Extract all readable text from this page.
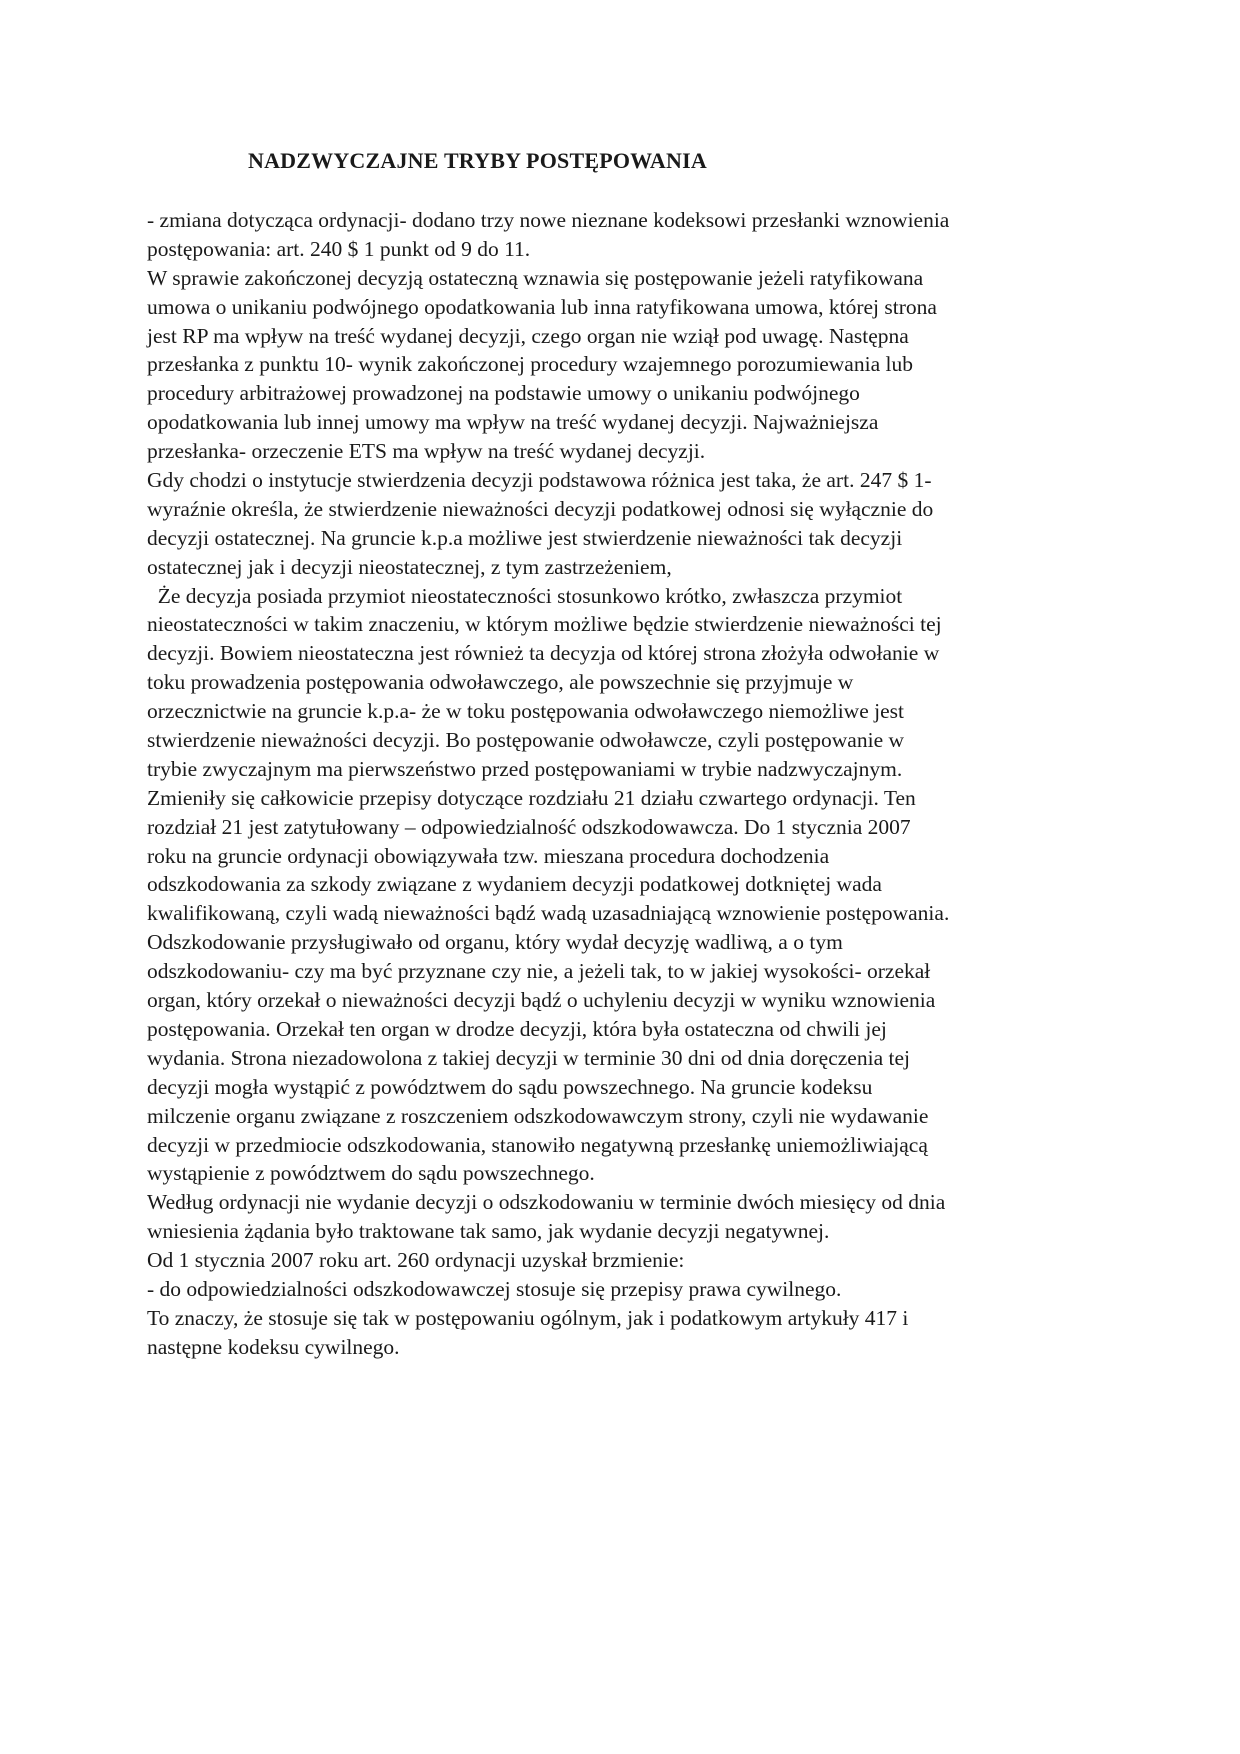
NADZWYCZAJNE TRYBY POSTĘPOWANIA
- zmiana dotycząca ordynacji- dodano trzy nowe nieznane kodeksowi przesłanki wznowienia
postępowania: art. 240 $ 1 punkt od 9 do 11.
W sprawie zakończonej decyzją ostateczną wznawia się postępowanie jeżeli ratyfikowana
umowa o unikaniu podwójnego opodatkowania lub inna ratyfikowana umowa, której strona
jest RP ma wpływ na treść wydanej decyzji, czego organ nie wziął pod uwagę. Następna
przesłanka z punktu 10- wynik zakończonej procedury wzajemnego porozumiewania lub
procedury arbitrażowej prowadzonej na podstawie umowy o unikaniu podwójnego
opodatkowania lub innej umowy ma wpływ na treść wydanej decyzji. Najważniejsza
przesłanka- orzeczenie ETS ma wpływ na treść wydanej decyzji.
Gdy chodzi o instytucje stwierdzenia decyzji podstawowa różnica jest taka, że art. 247 $ 1-
wyraźnie określa, że stwierdzenie nieważności decyzji podatkowej odnosi się wyłącznie do
decyzji ostatecznej. Na gruncie k.p.a możliwe jest stwierdzenie nieważności tak decyzji
ostatecznej jak i decyzji nieostatecznej, z tym zastrzeżeniem,
Że decyzja posiada przymiot nieostateczności stosunkowo krótko, zwłaszcza przymiot
nieostateczności w takim znaczeniu, w którym możliwe będzie stwierdzenie nieważności tej
decyzji. Bowiem nieostateczna jest również ta decyzja od której strona złożyła odwołanie w
toku prowadzenia postępowania odwoławczego, ale powszechnie się przyjmuje w
orzecznictwie na gruncie k.p.a- że w toku postępowania odwoławczego niemożliwe jest
stwierdzenie nieważności decyzji. Bo postępowanie odwoławcze, czyli postępowanie w
trybie zwyczajnym ma pierwszeństwo przed postępowaniami w trybie nadzwyczajnym.
Zmieniły się całkowicie przepisy dotyczące rozdziału 21 działu czwartego ordynacji. Ten
rozdział 21 jest zatytułowany – odpowiedzialność odszkodowawcza. Do 1 stycznia 2007
roku na gruncie ordynacji obowiązywała tzw. mieszana procedura dochodzenia
odszkodowania za szkody związane z wydaniem decyzji podatkowej dotkniętej wada
kwalifikowaną, czyli wadą nieważności bądź wadą uzasadniającą wznowienie postępowania.
Odszkodowanie przysługiwało od organu, który wydał decyzję wadliwą, a o tym
odszkodowaniu- czy ma być przyznane czy nie, a jeżeli tak, to w jakiej wysokości- orzekał
organ, który orzekał o nieważności decyzji bądź o uchyleniu decyzji w wyniku wznowienia
postępowania. Orzekał ten organ w drodze decyzji, która była ostateczna od chwili jej
wydania. Strona niezadowolona z takiej decyzji w terminie 30 dni od dnia doręczenia tej
decyzji mogła wystąpić z powództwem do sądu powszechnego. Na gruncie kodeksu
milczenie organu związane z roszczeniem odszkodowawczym strony, czyli nie wydawanie
decyzji w przedmiocie odszkodowania, stanowiło negatywną przesłankę uniemożliwiającą
wystąpienie z powództwem do sądu powszechnego.
Według ordynacji nie wydanie decyzji o odszkodowaniu w terminie dwóch miesięcy od dnia
wniesienia żądania było traktowane tak samo, jak wydanie decyzji negatywnej.
Od 1 stycznia 2007 roku art. 260 ordynacji uzyskał brzmienie:
- do odpowiedzialności odszkodowawczej stosuje się przepisy prawa cywilnego.
To znaczy, że stosuje się tak w postępowaniu ogólnym, jak i podatkowym artykuły 417 i
następne kodeksu cywilnego.
